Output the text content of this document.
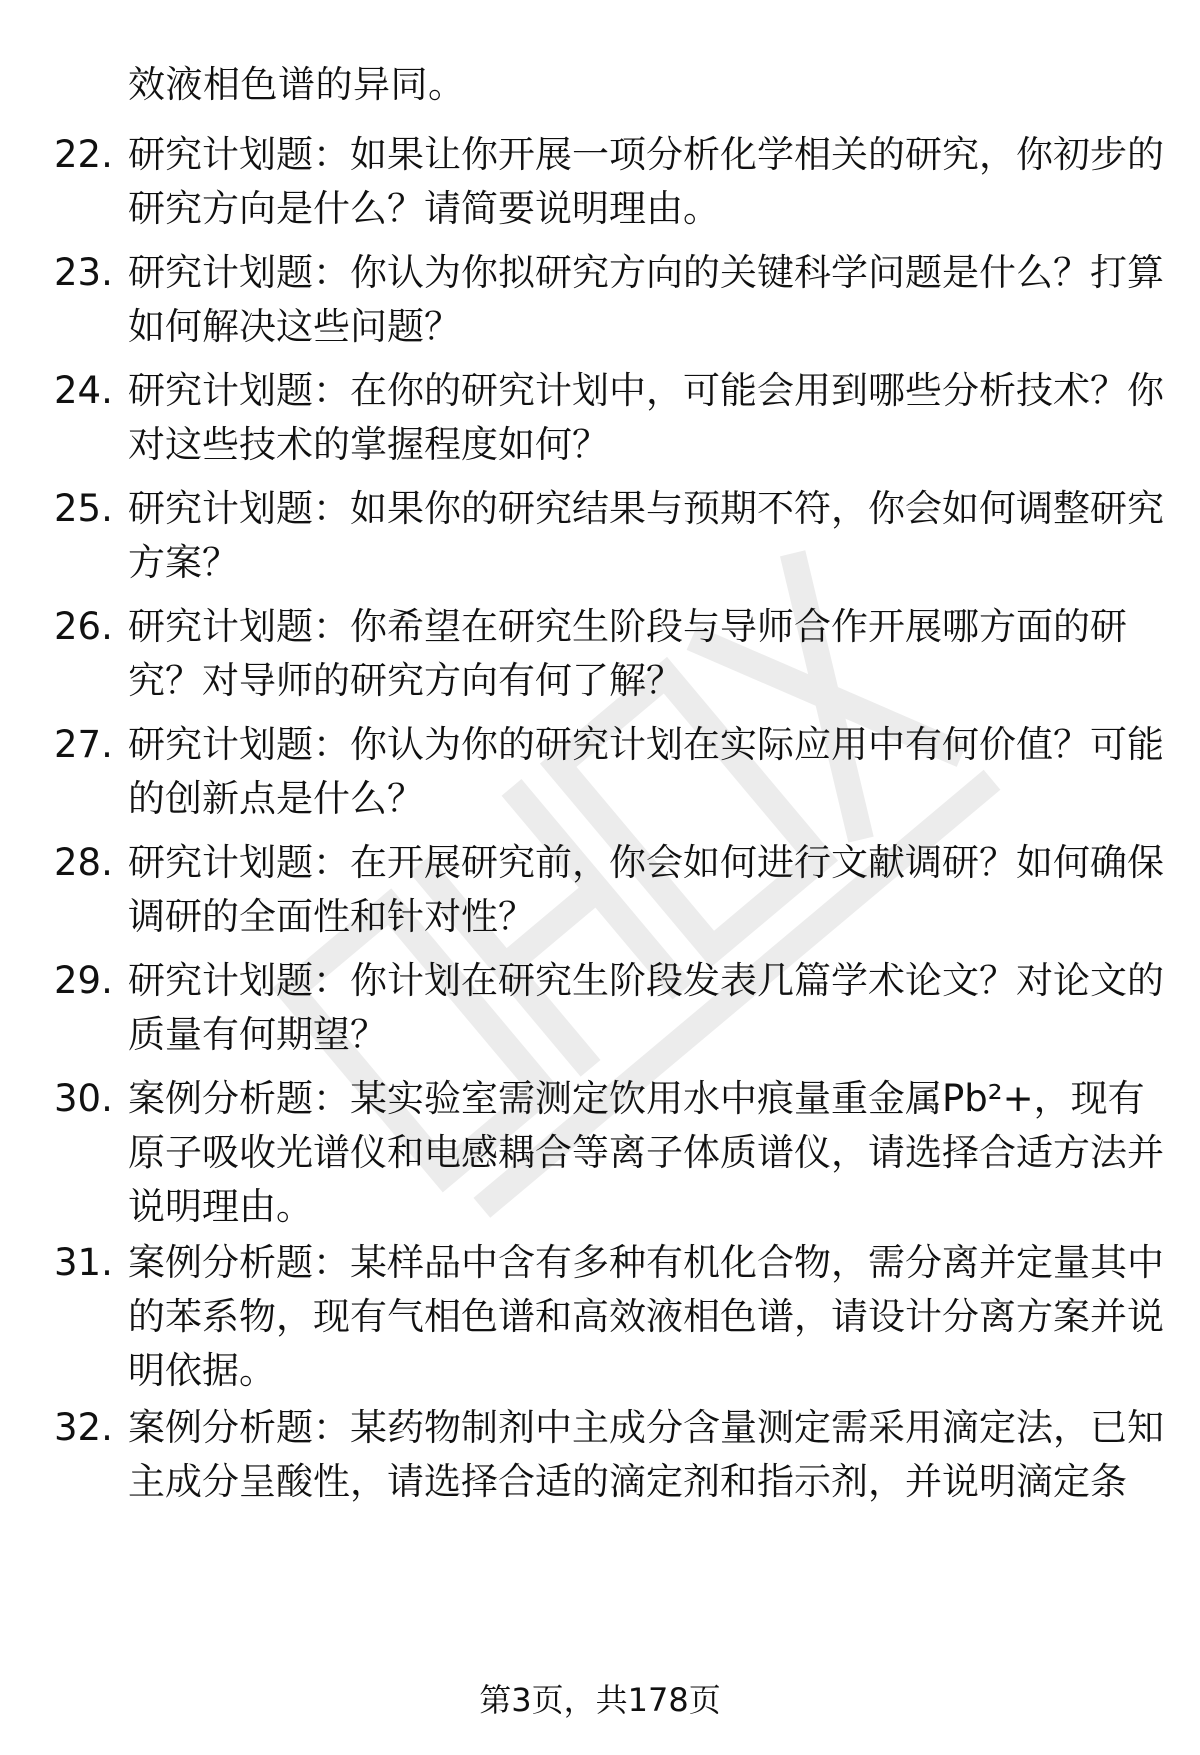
效液相色谱的异同。
22. 研究计划题：如果让你开展一项分析化学相关的研究，你初步的研究方向是什么？请简要说明理由。
23. 研究计划题：你认为你拟研究方向的关键科学问题是什么？打算如何解决这些问题？
24. 研究计划题：在你的研究计划中，可能会用到哪些分析技术？你对这些技术的掌握程度如何？
25. 研究计划题：如果你的研究结果与预期不符，你会如何调整研究方案？
26. 研究计划题：你希望在研究生阶段与导师合作开展哪方面的研究？对导师的研究方向有何了解？
27. 研究计划题：你认为你的研究计划在实际应用中有何价值？可能的创新点是什么？
28. 研究计划题：在开展研究前，你会如何进行文献调研？如何确保调研的全面性和针对性？
29. 研究计划题：你计划在研究生阶段发表几篇学术论文？对论文的质量有何期望？
30. 案例分析题：某实验室需测定饮用水中痕量重金属Pb²+，现有原子吸收光谱仪和电感耦合等离子体质谱仪，请选择合适方法并说明理由。
31. 案例分析题：某样品中含有多种有机化合物，需分离并定量其中的苯系物，现有气相色谱和高效液相色谱，请设计分离方案并说明依据。
32. 案例分析题：某药物制剂中主成分含量测定需采用滴定法，已知主成分呈酸性，请选择合适的滴定剂和指示剂，并说明滴定条
第3页，共178页
